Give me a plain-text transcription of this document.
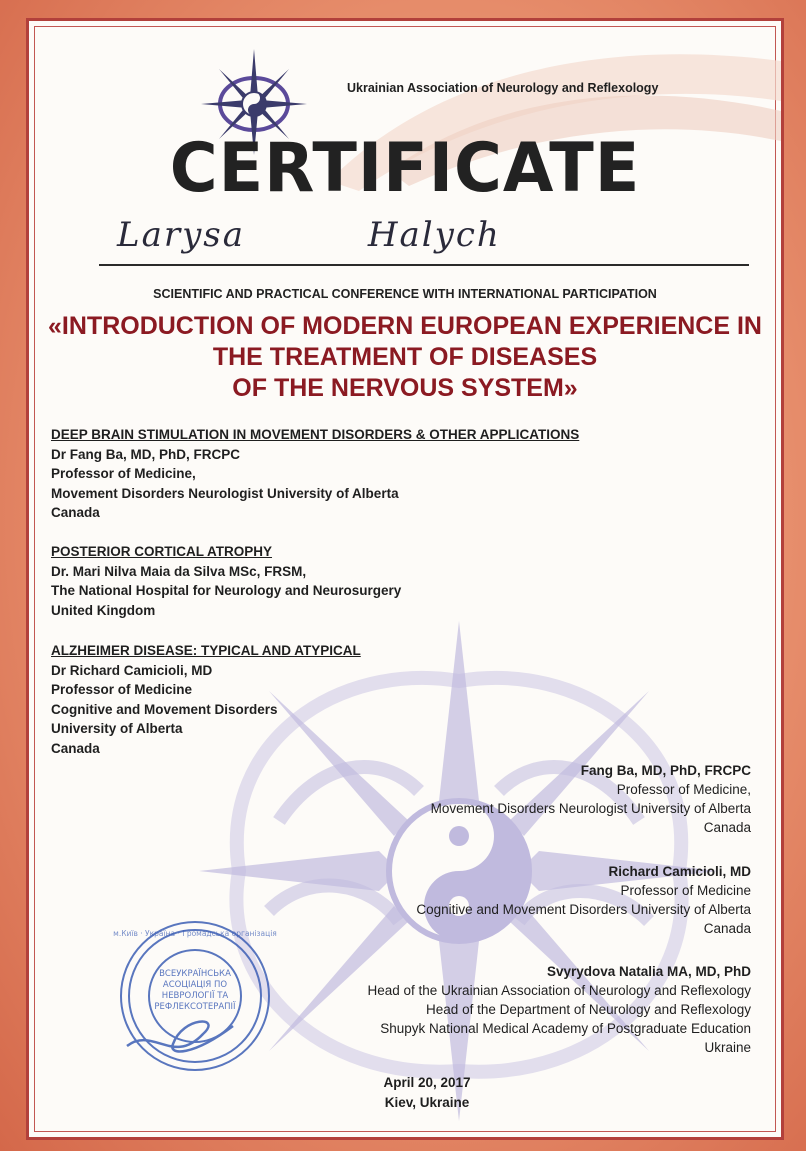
Ukrainian Association of Neurology and Reflexology
CERTIFICATE
Larysa	Halych
SCIENTIFIC AND PRACTICAL CONFERENCE WITH INTERNATIONAL PARTICIPATION
«INTRODUCTION OF MODERN EUROPEAN EXPERIENCE IN
THE TREATMENT OF DISEASES
OF THE NERVOUS SYSTEM»
DEEP BRAIN STIMULATION IN MOVEMENT DISORDERS & OTHER APPLICATIONS
Dr Fang Ba, MD, PhD, FRCPC
Professor of Medicine,
Movement Disorders Neurologist University of Alberta
Canada
POSTERIOR CORTICAL ATROPHY
Dr. Mari Nilva Maia da Silva MSc, FRSM,
The National Hospital for Neurology and Neurosurgery
United Kingdom
ALZHEIMER DISEASE: TYPICAL AND ATYPICAL
Dr Richard Camicioli, MD
Professor of Medicine
Cognitive and Movement Disorders
University of Alberta
Canada
Fang Ba, MD, PhD, FRCPC
Professor of Medicine,
Movement Disorders Neurologist University of Alberta
Canada
Richard Camicioli, MD
Professor of Medicine
Cognitive and Movement Disorders University of Alberta
Canada
Svyrydova Natalia MA, MD, PhD
Head of the Ukrainian Association of Neurology and Reflexology
Head of the Department of Neurology and Reflexology
Shupyk National Medical Academy of Postgraduate Education
Ukraine
ВСЕУКРАЇНСЬКА
АСОЦІАЦІЯ ПО
НЕВРОЛОГІЇ ТА
РЕФЛЕКСОТЕРАПІЇ
м.Київ · Україна · Громадська організація
April 20, 2017
Kiev, Ukraine
